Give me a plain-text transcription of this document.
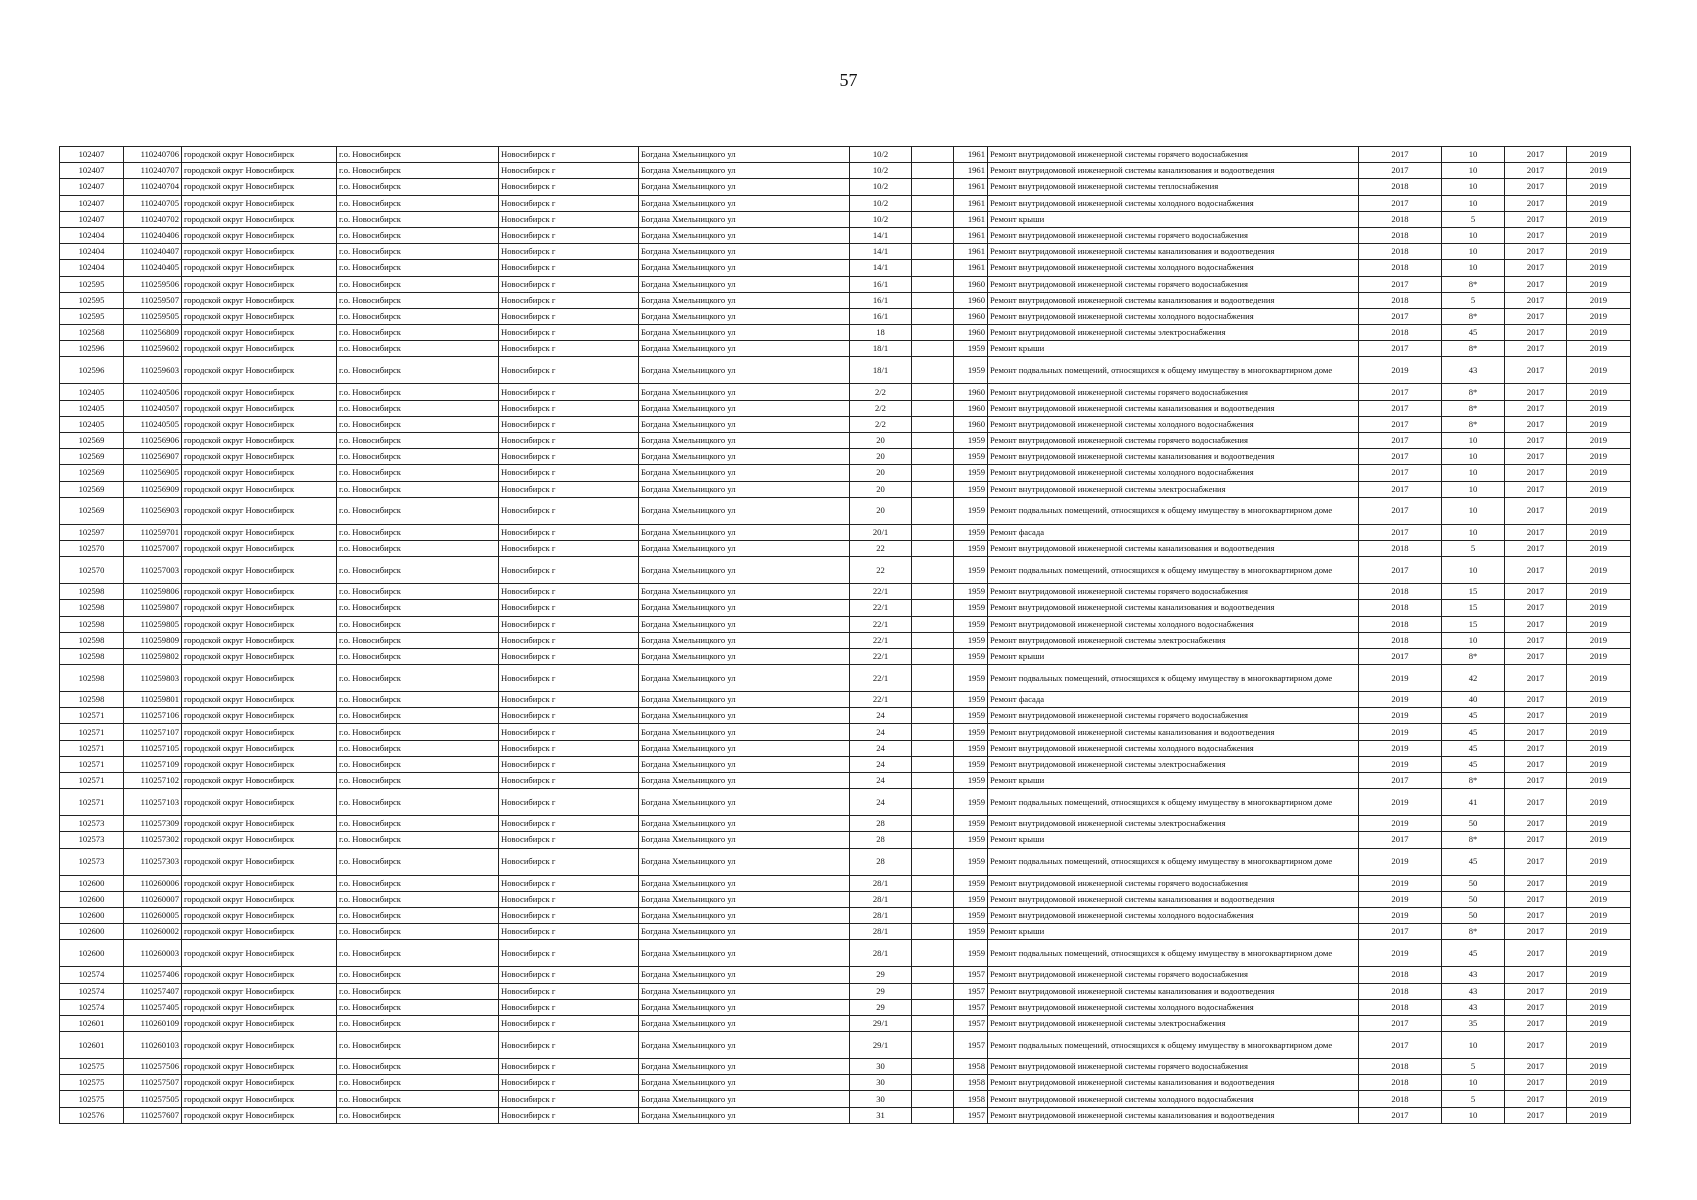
57
102407	110240706	городской округ Новосибирск	г.о. Новосибирск	Новосибирск г	Богдана Хмельницкого ул	10/2		1961	Ремонт внутридомовой инженерной системы горячего водоснабжения	2017	10	2017	2019
102407	110240707	городской округ Новосибирск	г.о. Новосибирск	Новосибирск г	Богдана Хмельницкого ул	10/2		1961	Ремонт внутридомовой инженерной системы канализования и водоотведения	2017	10	2017	2019
102407	110240704	городской округ Новосибирск	г.о. Новосибирск	Новосибирск г	Богдана Хмельницкого ул	10/2		1961	Ремонт внутридомовой инженерной системы теплоснабжения	2018	10	2017	2019
102407	110240705	городской округ Новосибирск	г.о. Новосибирск	Новосибирск г	Богдана Хмельницкого ул	10/2		1961	Ремонт внутридомовой инженерной системы холодного водоснабжения	2017	10	2017	2019
102407	110240702	городской округ Новосибирск	г.о. Новосибирск	Новосибирск г	Богдана Хмельницкого ул	10/2		1961	Ремонт крыши	2018	5	2017	2019
102404	110240406	городской округ Новосибирск	г.о. Новосибирск	Новосибирск г	Богдана Хмельницкого ул	14/1		1961	Ремонт внутридомовой инженерной системы горячего водоснабжения	2018	10	2017	2019
102404	110240407	городской округ Новосибирск	г.о. Новосибирск	Новосибирск г	Богдана Хмельницкого ул	14/1		1961	Ремонт внутридомовой инженерной системы канализования и водоотведения	2018	10	2017	2019
102404	110240405	городской округ Новосибирск	г.о. Новосибирск	Новосибирск г	Богдана Хмельницкого ул	14/1		1961	Ремонт внутридомовой инженерной системы холодного водоснабжения	2018	10	2017	2019
102595	110259506	городской округ Новосибирск	г.о. Новосибирск	Новосибирск г	Богдана Хмельницкого ул	16/1		1960	Ремонт внутридомовой инженерной системы горячего водоснабжения	2017	8*	2017	2019
102595	110259507	городской округ Новосибирск	г.о. Новосибирск	Новосибирск г	Богдана Хмельницкого ул	16/1		1960	Ремонт внутридомовой инженерной системы канализования и водоотведения	2018	5	2017	2019
102595	110259505	городской округ Новосибирск	г.о. Новосибирск	Новосибирск г	Богдана Хмельницкого ул	16/1		1960	Ремонт внутридомовой инженерной системы холодного водоснабжения	2017	8*	2017	2019
102568	110256809	городской округ Новосибирск	г.о. Новосибирск	Новосибирск г	Богдана Хмельницкого ул	18		1960	Ремонт внутридомовой инженерной системы электроснабжения	2018	45	2017	2019
102596	110259602	городской округ Новосибирск	г.о. Новосибирск	Новосибирск г	Богдана Хмельницкого ул	18/1		1959	Ремонт крыши	2017	8*	2017	2019
102596	110259603	городской округ Новосибирск	г.о. Новосибирск	Новосибирск г	Богдана Хмельницкого ул	18/1		1959	Ремонт подвальных помещений, относящихся к общему имуществу в многоквартирном доме	2019	43	2017	2019
102405	110240506	городской округ Новосибирск	г.о. Новосибирск	Новосибирск г	Богдана Хмельницкого ул	2/2		1960	Ремонт внутридомовой инженерной системы горячего водоснабжения	2017	8*	2017	2019
102405	110240507	городской округ Новосибирск	г.о. Новосибирск	Новосибирск г	Богдана Хмельницкого ул	2/2		1960	Ремонт внутридомовой инженерной системы канализования и водоотведения	2017	8*	2017	2019
102405	110240505	городской округ Новосибирск	г.о. Новосибирск	Новосибирск г	Богдана Хмельницкого ул	2/2		1960	Ремонт внутридомовой инженерной системы холодного водоснабжения	2017	8*	2017	2019
102569	110256906	городской округ Новосибирск	г.о. Новосибирск	Новосибирск г	Богдана Хмельницкого ул	20		1959	Ремонт внутридомовой инженерной системы горячего водоснабжения	2017	10	2017	2019
102569	110256907	городской округ Новосибирск	г.о. Новосибирск	Новосибирск г	Богдана Хмельницкого ул	20		1959	Ремонт внутридомовой инженерной системы канализования и водоотведения	2017	10	2017	2019
102569	110256905	городской округ Новосибирск	г.о. Новосибирск	Новосибирск г	Богдана Хмельницкого ул	20		1959	Ремонт внутридомовой инженерной системы холодного водоснабжения	2017	10	2017	2019
102569	110256909	городской округ Новосибирск	г.о. Новосибирск	Новосибирск г	Богдана Хмельницкого ул	20		1959	Ремонт внутридомовой инженерной системы электроснабжения	2017	10	2017	2019
102569	110256903	городской округ Новосибирск	г.о. Новосибирск	Новосибирск г	Богдана Хмельницкого ул	20		1959	Ремонт подвальных помещений, относящихся к общему имуществу в многоквартирном доме	2017	10	2017	2019
102597	110259701	городской округ Новосибирск	г.о. Новосибирск	Новосибирск г	Богдана Хмельницкого ул	20/1		1959	Ремонт фасада	2017	10	2017	2019
102570	110257007	городской округ Новосибирск	г.о. Новосибирск	Новосибирск г	Богдана Хмельницкого ул	22		1959	Ремонт внутридомовой инженерной системы канализования и водоотведения	2018	5	2017	2019
102570	110257003	городской округ Новосибирск	г.о. Новосибирск	Новосибирск г	Богдана Хмельницкого ул	22		1959	Ремонт подвальных помещений, относящихся к общему имуществу в многоквартирном доме	2017	10	2017	2019
102598	110259806	городской округ Новосибирск	г.о. Новосибирск	Новосибирск г	Богдана Хмельницкого ул	22/1		1959	Ремонт внутридомовой инженерной системы горячего водоснабжения	2018	15	2017	2019
102598	110259807	городской округ Новосибирск	г.о. Новосибирск	Новосибирск г	Богдана Хмельницкого ул	22/1		1959	Ремонт внутридомовой инженерной системы канализования и водоотведения	2018	15	2017	2019
102598	110259805	городской округ Новосибирск	г.о. Новосибирск	Новосибирск г	Богдана Хмельницкого ул	22/1		1959	Ремонт внутридомовой инженерной системы холодного водоснабжения	2018	15	2017	2019
102598	110259809	городской округ Новосибирск	г.о. Новосибирск	Новосибирск г	Богдана Хмельницкого ул	22/1		1959	Ремонт внутридомовой инженерной системы электроснабжения	2018	10	2017	2019
102598	110259802	городской округ Новосибирск	г.о. Новосибирск	Новосибирск г	Богдана Хмельницкого ул	22/1		1959	Ремонт крыши	2017	8*	2017	2019
102598	110259803	городской округ Новосибирск	г.о. Новосибирск	Новосибирск г	Богдана Хмельницкого ул	22/1		1959	Ремонт подвальных помещений, относящихся к общему имуществу в многоквартирном доме	2019	42	2017	2019
102598	110259801	городской округ Новосибирск	г.о. Новосибирск	Новосибирск г	Богдана Хмельницкого ул	22/1		1959	Ремонт фасада	2019	40	2017	2019
102571	110257106	городской округ Новосибирск	г.о. Новосибирск	Новосибирск г	Богдана Хмельницкого ул	24		1959	Ремонт внутридомовой инженерной системы горячего водоснабжения	2019	45	2017	2019
102571	110257107	городской округ Новосибирск	г.о. Новосибирск	Новосибирск г	Богдана Хмельницкого ул	24		1959	Ремонт внутридомовой инженерной системы канализования и водоотведения	2019	45	2017	2019
102571	110257105	городской округ Новосибирск	г.о. Новосибирск	Новосибирск г	Богдана Хмельницкого ул	24		1959	Ремонт внутридомовой инженерной системы холодного водоснабжения	2019	45	2017	2019
102571	110257109	городской округ Новосибирск	г.о. Новосибирск	Новосибирск г	Богдана Хмельницкого ул	24		1959	Ремонт внутридомовой инженерной системы электроснабжения	2019	45	2017	2019
102571	110257102	городской округ Новосибирск	г.о. Новосибирск	Новосибирск г	Богдана Хмельницкого ул	24		1959	Ремонт крыши	2017	8*	2017	2019
102571	110257103	городской округ Новосибирск	г.о. Новосибирск	Новосибирск г	Богдана Хмельницкого ул	24		1959	Ремонт подвальных помещений, относящихся к общему имуществу в многоквартирном доме	2019	41	2017	2019
102573	110257309	городской округ Новосибирск	г.о. Новосибирск	Новосибирск г	Богдана Хмельницкого ул	28		1959	Ремонт внутридомовой инженерной системы электроснабжения	2019	50	2017	2019
102573	110257302	городской округ Новосибирск	г.о. Новосибирск	Новосибирск г	Богдана Хмельницкого ул	28		1959	Ремонт крыши	2017	8*	2017	2019
102573	110257303	городской округ Новосибирск	г.о. Новосибирск	Новосибирск г	Богдана Хмельницкого ул	28		1959	Ремонт подвальных помещений, относящихся к общему имуществу в многоквартирном доме	2019	45	2017	2019
102600	110260006	городской округ Новосибирск	г.о. Новосибирск	Новосибирск г	Богдана Хмельницкого ул	28/1		1959	Ремонт внутридомовой инженерной системы горячего водоснабжения	2019	50	2017	2019
102600	110260007	городской округ Новосибирск	г.о. Новосибирск	Новосибирск г	Богдана Хмельницкого ул	28/1		1959	Ремонт внутридомовой инженерной системы канализования и водоотведения	2019	50	2017	2019
102600	110260005	городской округ Новосибирск	г.о. Новосибирск	Новосибирск г	Богдана Хмельницкого ул	28/1		1959	Ремонт внутридомовой инженерной системы холодного водоснабжения	2019	50	2017	2019
102600	110260002	городской округ Новосибирск	г.о. Новосибирск	Новосибирск г	Богдана Хмельницкого ул	28/1		1959	Ремонт крыши	2017	8*	2017	2019
102600	110260003	городской округ Новосибирск	г.о. Новосибирск	Новосибирск г	Богдана Хмельницкого ул	28/1		1959	Ремонт подвальных помещений, относящихся к общему имуществу в многоквартирном доме	2019	45	2017	2019
102574	110257406	городской округ Новосибирск	г.о. Новосибирск	Новосибирск г	Богдана Хмельницкого ул	29		1957	Ремонт внутридомовой инженерной системы горячего водоснабжения	2018	43	2017	2019
102574	110257407	городской округ Новосибирск	г.о. Новосибирск	Новосибирск г	Богдана Хмельницкого ул	29		1957	Ремонт внутридомовой инженерной системы канализования и водоотведения	2018	43	2017	2019
102574	110257405	городской округ Новосибирск	г.о. Новосибирск	Новосибирск г	Богдана Хмельницкого ул	29		1957	Ремонт внутридомовой инженерной системы холодного водоснабжения	2018	43	2017	2019
102601	110260109	городской округ Новосибирск	г.о. Новосибирск	Новосибирск г	Богдана Хмельницкого ул	29/1		1957	Ремонт внутридомовой инженерной системы электроснабжения	2017	35	2017	2019
102601	110260103	городской округ Новосибирск	г.о. Новосибирск	Новосибирск г	Богдана Хмельницкого ул	29/1		1957	Ремонт подвальных помещений, относящихся к общему имуществу в многоквартирном доме	2017	10	2017	2019
102575	110257506	городской округ Новосибирск	г.о. Новосибирск	Новосибирск г	Богдана Хмельницкого ул	30		1958	Ремонт внутридомовой инженерной системы горячего водоснабжения	2018	5	2017	2019
102575	110257507	городской округ Новосибирск	г.о. Новосибирск	Новосибирск г	Богдана Хмельницкого ул	30		1958	Ремонт внутридомовой инженерной системы канализования и водоотведения	2018	10	2017	2019
102575	110257505	городской округ Новосибирск	г.о. Новосибирск	Новосибирск г	Богдана Хмельницкого ул	30		1958	Ремонт внутридомовой инженерной системы холодного водоснабжения	2018	5	2017	2019
102576	110257607	городской округ Новосибирск	г.о. Новосибирск	Новосибирск г	Богдана Хмельницкого ул	31		1957	Ремонт внутридомовой инженерной системы канализования и водоотведения	2017	10	2017	2019
